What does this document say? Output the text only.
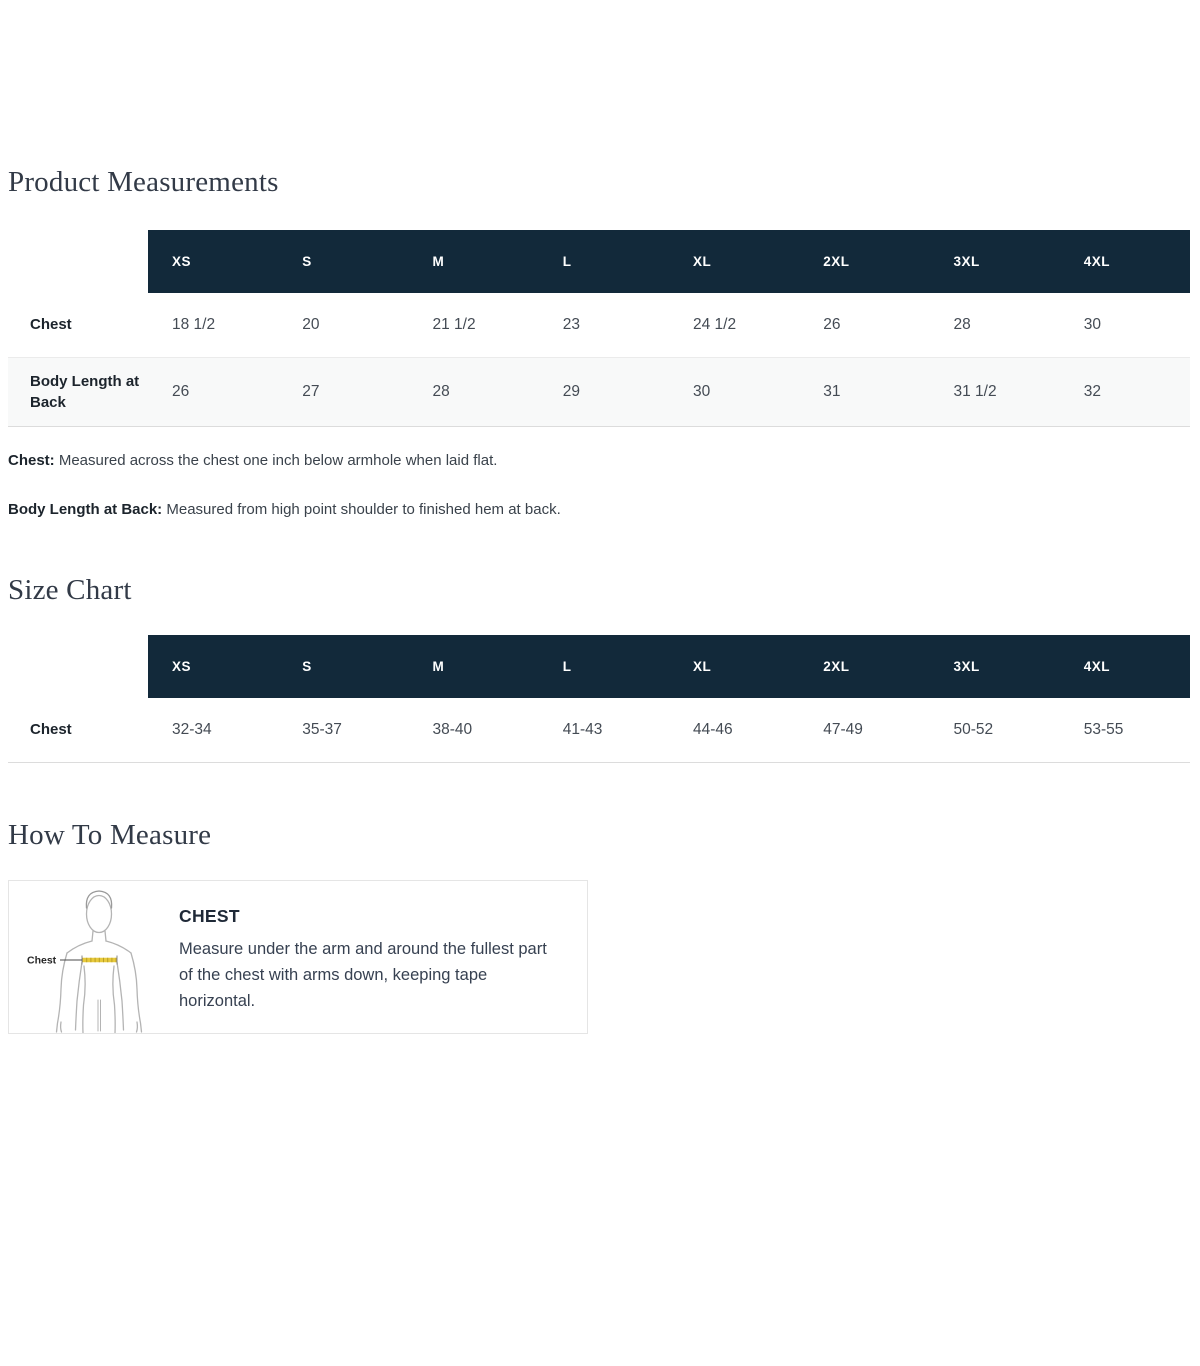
Product Measurements
	XS	S	M	L	XL	2XL	3XL	4XL
Chest	18 1/2	20	21 1/2	23	24 1/2	26	28	30
Body Length at Back	26	27	28	29	30	31	31 1/2	32

Chest: Measured across the chest one inch below armhole when laid flat.

Body Length at Back: Measured from high point shoulder to finished hem at back.

Size Chart
	XS	S	M	L	XL	2XL	3XL	4XL
Chest	32-34	35-37	38-40	41-43	44-46	47-49	50-52	53-55
How To Measure
Chest
CHEST

Measure under the arm and around the fullest part of the chest with arms down, keeping tape horizontal.
